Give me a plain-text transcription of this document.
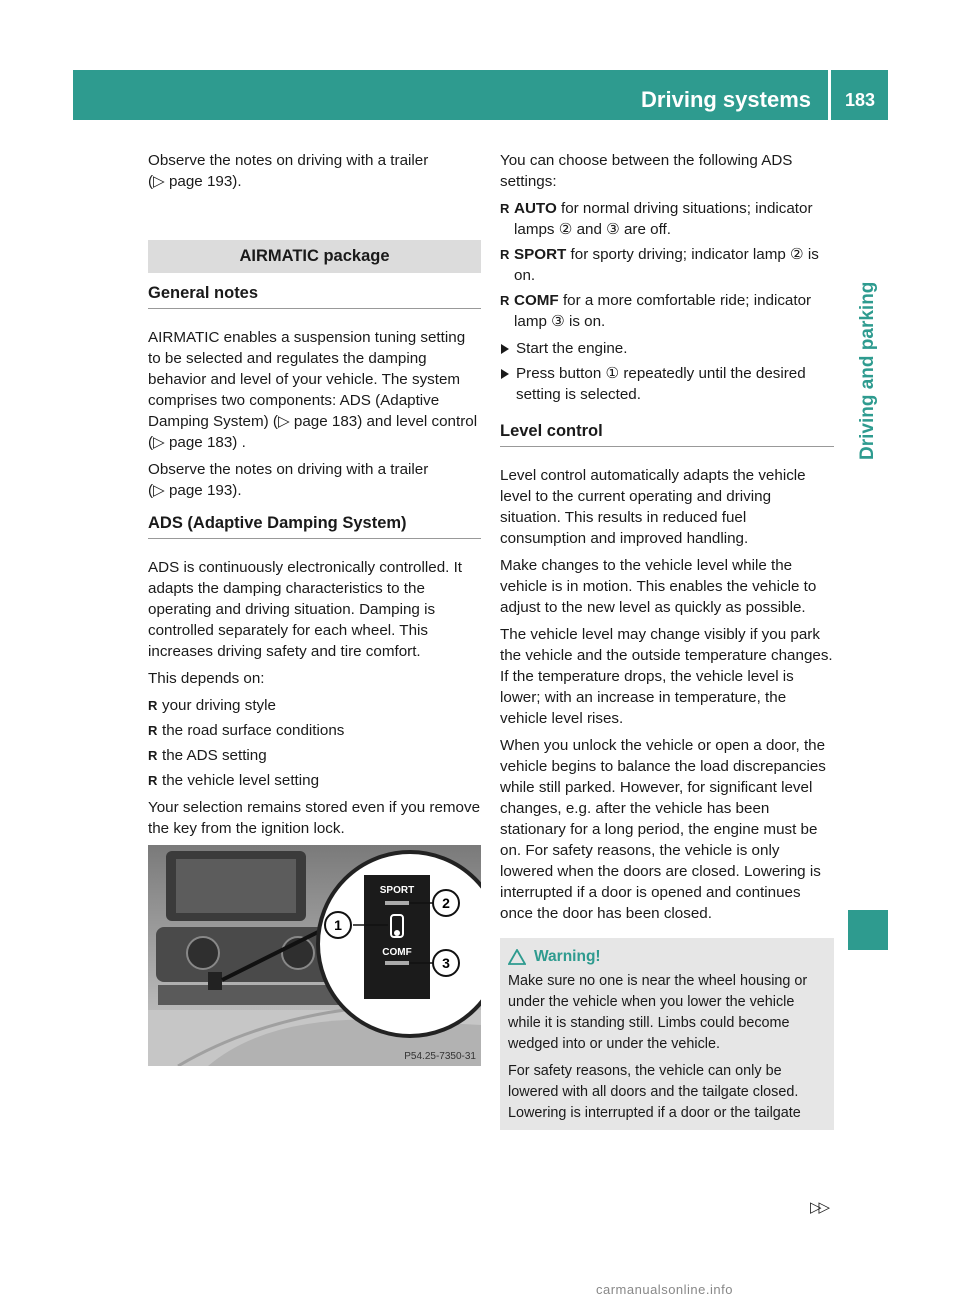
Driving systems	183
Driving and parking

Observe the notes on driving with a trailer
(▷ page 193).

AIRMATIC package
General notes

AIRMATIC enables a suspension tuning setting to be selected and regulates the damping behavior and level of your vehicle. The system comprises two components: ADS (Adaptive Damping System) (▷ page 183) and level control (▷ page 183) .

Observe the notes on driving with a trailer
(▷ page 193).

ADS (Adaptive Damping System)

ADS is continuously electronically controlled. It adapts the damping characteristics to the operating and driving situation. Damping is controlled separately for each wheel. This increases driving safety and tire comfort.

This depends on:

R your driving style
R the road surface conditions
R the ADS setting
R the vehicle level setting

Your selection remains stored even if you remove the key from the ignition lock.

SPORT
COMF
1
2
3
P54.25-7350-31

You can choose between the following ADS settings:

R AUTO for normal driving situations; indicator lamps ② and ③ are off.
R SPORT for sporty driving; indicator lamp ② is on.
R COMF for a more comfortable ride; indicator lamp ③ is on.
Start the engine.
Press button ① repeatedly until the desired setting is selected.
Level control

Level control automatically adapts the vehicle level to the current operating and driving situation. This results in reduced fuel consumption and improved handling.

Make changes to the vehicle level while the vehicle is in motion. This enables the vehicle to adjust to the new level as quickly as possible.

The vehicle level may change visibly if you park the vehicle and the outside temperature changes. If the temperature drops, the vehicle level is lower; with an increase in temperature, the vehicle level rises.

When you unlock the vehicle or open a door, the vehicle begins to balance the load discrepancies while still parked. However, for significant level changes, e.g. after the vehicle has been stationary for a long period, the engine must be on. For safety reasons, the vehicle is only lowered when the doors are closed. Lowering is interrupted if a door is opened and continues once the door has been closed.

Warning!

Make sure no one is near the wheel housing or under the vehicle when you lower the vehicle while it is standing still. Limbs could become wedged into or under the vehicle.

For safety reasons, the vehicle can only be lowered with all doors and the tailgate closed. Lowering is interrupted if a door or the tailgate

▷▷
carmanualsonline.info
